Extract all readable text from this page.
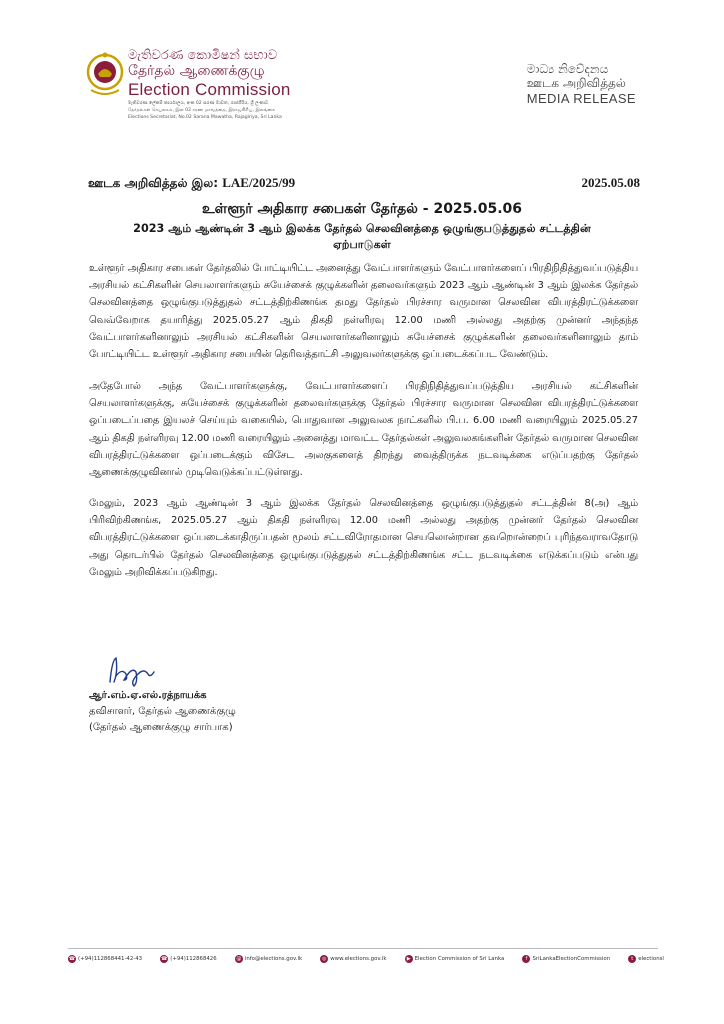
මැතිවරණ කොමිෂන් සභාව
தேர்தல் ஆணைக்குழு
Election Commission
මැතිවරණ ලේකම් කාර්යාලය, අංක 02 සරණ මාවත, රාජගිරිය, ශ්‍රී ලංකාව
தேர்தல்கள் செயலகம், இல 02 சரண மாவத்தை, இராஜகிரிய, இலங்கை
Elections Secretariat, No.02 Sarana Mawatha, Rajagiriya, Sri Lanka
මාධ්‍ය නිවේදනය
ஊடக அறிவித்தல்
MEDIA RELEASE
ஊடக அறிவித்தல் இல: LAE/2025/99	2025.05.08
உள்ளூர் அதிகார சபைகள் தேர்தல் - 2025.05.06
2023 ஆம் ஆண்டின் 3 ஆம் இலக்க தேர்தல் செலவினத்தை ஒழுங்குபடுத்துதல் சட்டத்தின் ஏற்பாடுகள்
உள்ளூர் அதிகார சபைகள் தேர்தலில் போட்டியிட்ட அனைத்து வேட்பாளர்களும் வேட்பாளர்களைப் பிரதிநிதித்துவப்படுத்திய அரசியல் கட்சிகளின் செயலாளர்களும் சுயேச்சைக் குழுக்களின் தலைவர்களும் 2023 ஆம் ஆண்டின் 3 ஆம் இலக்க தேர்தல் செலவினத்தை ஒழுங்குபடுத்துதல் சட்டத்திற்கிணங்க தமது தேர்தல் பிரச்சார வருமான செலவின விபரத்திரட்டுக்களை வெவ்வேறாக தயாரித்து 2025.05.27 ஆம் திகதி நள்ளிரவு 12.00 மணி அல்லது அதற்கு முன்னர் அந்தந்த வேட்பாளர்களினாலும் அரசியல் கட்சிகளின் செயலாளர்களினாலும் சுயேச்சைக் குழுக்களின் தலைவர்களினாலும் தாம் போட்டியிட்ட உள்ளூர் அதிகார சபையின் தெரிவத்தாட்சி அலுவலர்களுக்கு ஒப்படைக்கப்பட வேண்டும்.
அதேபோல் அந்த வேட்பாளர்களுக்கு, வேட்பாளர்களைப் பிரதிநிதித்துவப்படுத்திய அரசியல் கட்சிகளின் செயலாளர்களுக்கு, சுயேச்சைக் குழுக்களின் தலைவர்களுக்கு தேர்தல் பிரச்சார வருமான செலவின விபரத்திரட்டுக்களை ஒப்படைப்பதை இயலச் செய்யும் வகையில், பொதுவான அலுவலக நாட்களில் பி.ப. 6.00 மணி வரையிலும் 2025.05.27 ஆம் திகதி நள்ளிரவு 12.00 மணி வரையிலும் அனைத்து மாவட்ட தேர்தல்கள் அலுவலகங்களின் தேர்தல் வருமான செலவின விபரத்திரட்டுக்களை ஒப்படைக்கும் விசேட அலகுகளைத் திறந்து வைத்திருக்க நடவடிக்கை எடுப்பதற்கு தேர்தல் ஆணைக்குழுவினால் முடிவெடுக்கப்பட்டுள்ளது.
மேலும், 2023 ஆம் ஆண்டின் 3 ஆம் இலக்க தேர்தல் செலவினத்தை ஒழுங்குபடுத்துதல் சட்டத்தின் 8(அ) ஆம் பிரிவிற்கிணங்க, 2025.05.27 ஆம் திகதி நள்ளிரவு 12.00 மணி அல்லது அதற்கு முன்னர் தேர்தல் செலவின விபரத்திரட்டுக்களை ஒப்படைக்காதிருப்பதன் மூலம் சட்டவிரோதமான செயலொன்றான தவறொன்றைப் புரிந்தவராவதோடு அது தொடர்பில் தேர்தல் செலவினத்தை ஒழுங்குபடுத்துதல் சட்டத்திற்கிணங்க சட்ட நடவடிக்கை எடுக்கப்படும் என்பது மேலும் அறிவிக்கப்படுகிறது.
ஆர்.எம்.ஏ.எல்.ரத்நாயக்க
தவிசாளர், தேர்தல் ஆணைக்குழு
(தேர்தல் ஆணைக்குழு சார்பாக)
☎ (+94)112868441-42-43	☎ (+94)112868426	@ info@elections.gov.lk	◎ www.elections.gov.lk	▶ Election Commission of Sri Lanka	f SriLankaElectionCommission	t electionsl
